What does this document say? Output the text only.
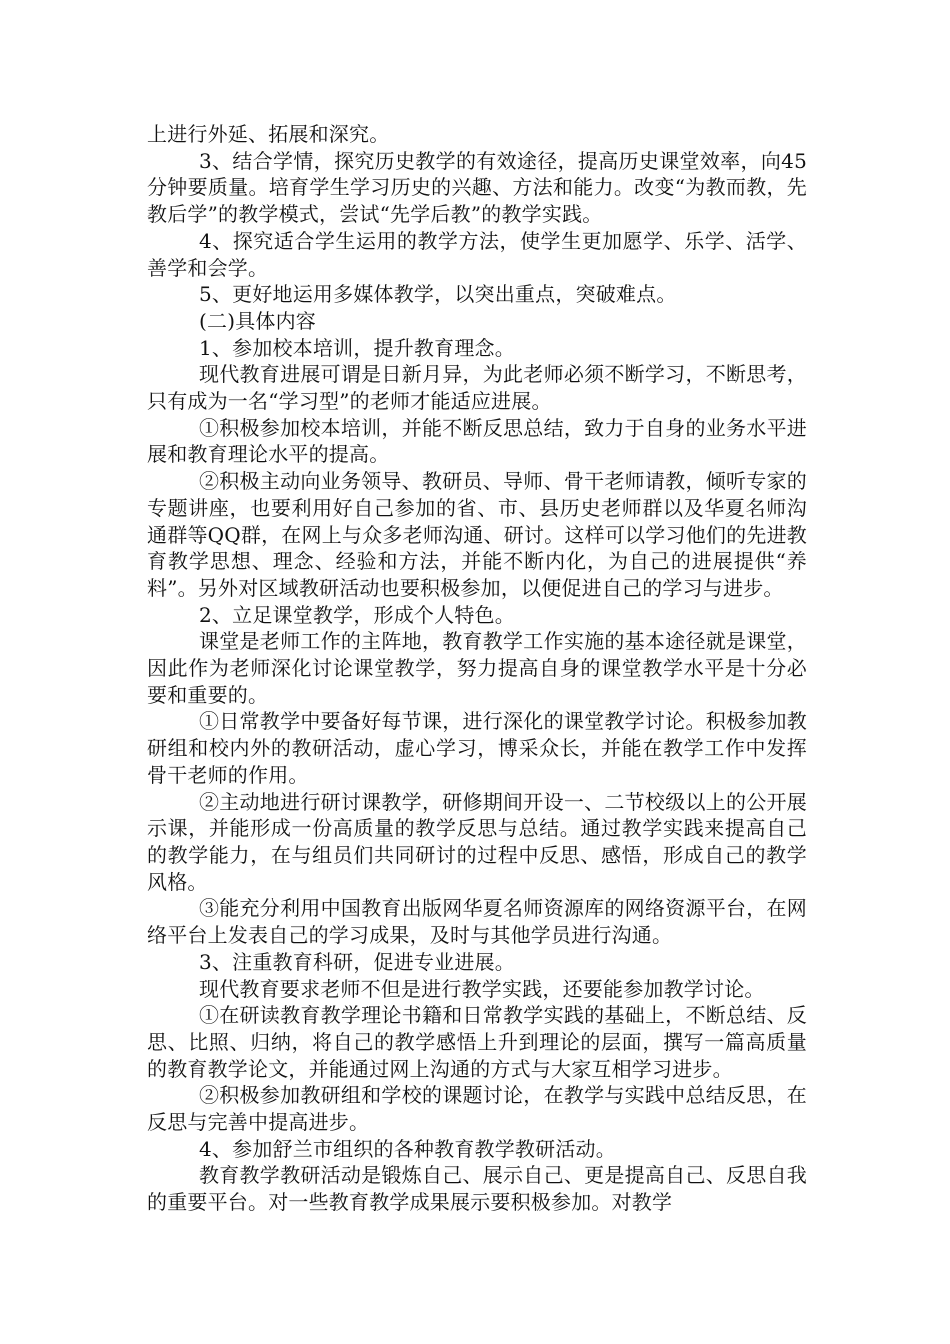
上进行外延、拓展和深究。

3、结合学情，探究历史教学的有效途径，提高历史课堂效率，向45分钟要质量。培育学生学习历史的兴趣、方法和能力。改变“为教而教，先教后学”的教学模式，尝试“先学后教”的教学实践。

4、探究适合学生运用的教学方法，使学生更加愿学、乐学、活学、善学和会学。

5、更好地运用多媒体教学，以突出重点，突破难点。

(二)具体内容

1、参加校本培训，提升教育理念。

现代教育进展可谓是日新月异，为此老师必须不断学习，不断思考，只有成为一名“学习型”的老师才能适应进展。

①积极参加校本培训，并能不断反思总结，致力于自身的业务水平进展和教育理论水平的提高。

②积极主动向业务领导、教研员、导师、骨干老师请教，倾听专家的专题讲座，也要利用好自己参加的省、市、县历史老师群以及华夏名师沟通群等QQ群，在网上与众多老师沟通、研讨。这样可以学习他们的先进教育教学思想、理念、经验和方法，并能不断内化，为自己的进展提供“养料”。另外对区域教研活动也要积极参加，以便促进自己的学习与进步。

2、立足课堂教学，形成个人特色。

课堂是老师工作的主阵地，教育教学工作实施的基本途径就是课堂，因此作为老师深化讨论课堂教学，努力提高自身的课堂教学水平是十分必要和重要的。

①日常教学中要备好每节课，进行深化的课堂教学讨论。积极参加教研组和校内外的教研活动，虚心学习，博采众长，并能在教学工作中发挥骨干老师的作用。

②主动地进行研讨课教学，研修期间开设一、二节校级以上的公开展示课，并能形成一份高质量的教学反思与总结。通过教学实践来提高自己的教学能力，在与组员们共同研讨的过程中反思、感悟，形成自己的教学风格。

③能充分利用中国教育出版网华夏名师资源库的网络资源平台，在网络平台上发表自己的学习成果，及时与其他学员进行沟通。

3、注重教育科研，促进专业进展。

现代教育要求老师不但是进行教学实践，还要能参加教学讨论。

①在研读教育教学理论书籍和日常教学实践的基础上，不断总结、反思、比照、归纳，将自己的教学感悟上升到理论的层面，撰写一篇高质量的教育教学论文，并能通过网上沟通的方式与大家互相学习进步。

②积极参加教研组和学校的课题讨论，在教学与实践中总结反思，在反思与完善中提高进步。

4、参加舒兰市组织的各种教育教学教研活动。

教育教学教研活动是锻炼自己、展示自己、更是提高自己、反思自我的重要平台。对一些教育教学成果展示要积极参加。对教学
